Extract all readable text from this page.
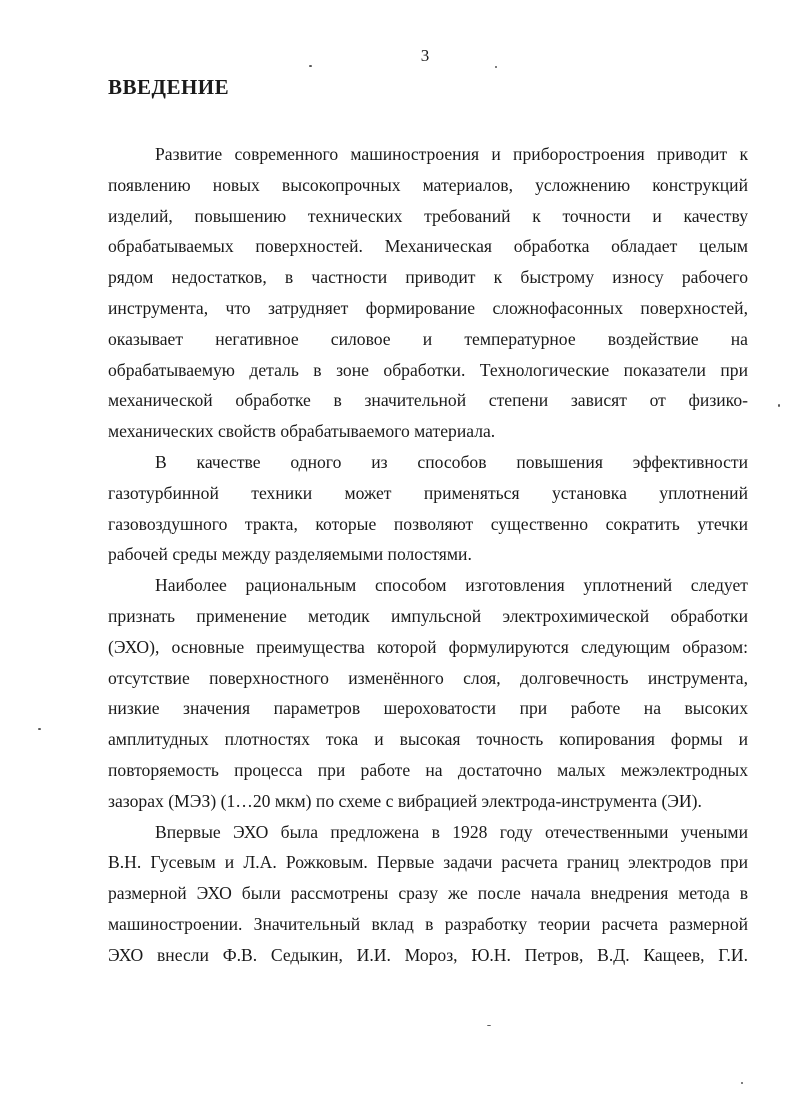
3
ВВЕДЕНИЕ

Развитие современного машиностроения и приборостроения приводит к
появлению новых высокопрочных материалов, усложнению конструкций
изделий, повышению технических требований к точности и качеству
обрабатываемых поверхностей. Механическая обработка обладает целым
рядом недостатков, в частности приводит к быстрому износу рабочего
инструмента, что затрудняет формирование сложнофасонных поверхностей,
оказывает негативное силовое и температурное воздействие на
обрабатываемую деталь в зоне обработки. Технологические показатели при
механической обработке в значительной степени зависят от физико-
механических свойств обрабатываемого материала.

В качестве одного из способов повышения эффективности
газотурбинной техники может применяться установка уплотнений
газовоздушного тракта, которые позволяют существенно сократить утечки
рабочей среды между разделяемыми полостями.

Наиболее рациональным способом изготовления уплотнений следует
признать применение методик импульсной электрохимической обработки
(ЭХО), основные преимущества которой формулируются следующим образом:
отсутствие поверхностного изменённого слоя, долговечность инструмента,
низкие значения параметров шероховатости при работе на высоких
амплитудных плотностях тока и высокая точность копирования формы и
повторяемость процесса при работе на достаточно малых межэлектродных
зазорах (МЭЗ) (1…20 мкм) по схеме с вибрацией электрода-инструмента (ЭИ).

Впервые ЭХО была предложена в 1928 году отечественными учеными
В.Н. Гусевым и Л.А. Рожковым. Первые задачи расчета границ электродов при
размерной ЭХО были рассмотрены сразу же после начала внедрения метода в
машиностроении. Значительный вклад в разработку теории расчета размерной
ЭХО внесли Ф.В. Седыкин, И.И. Мороз, Ю.Н. Петров, В.Д. Кащеев, Г.И.
